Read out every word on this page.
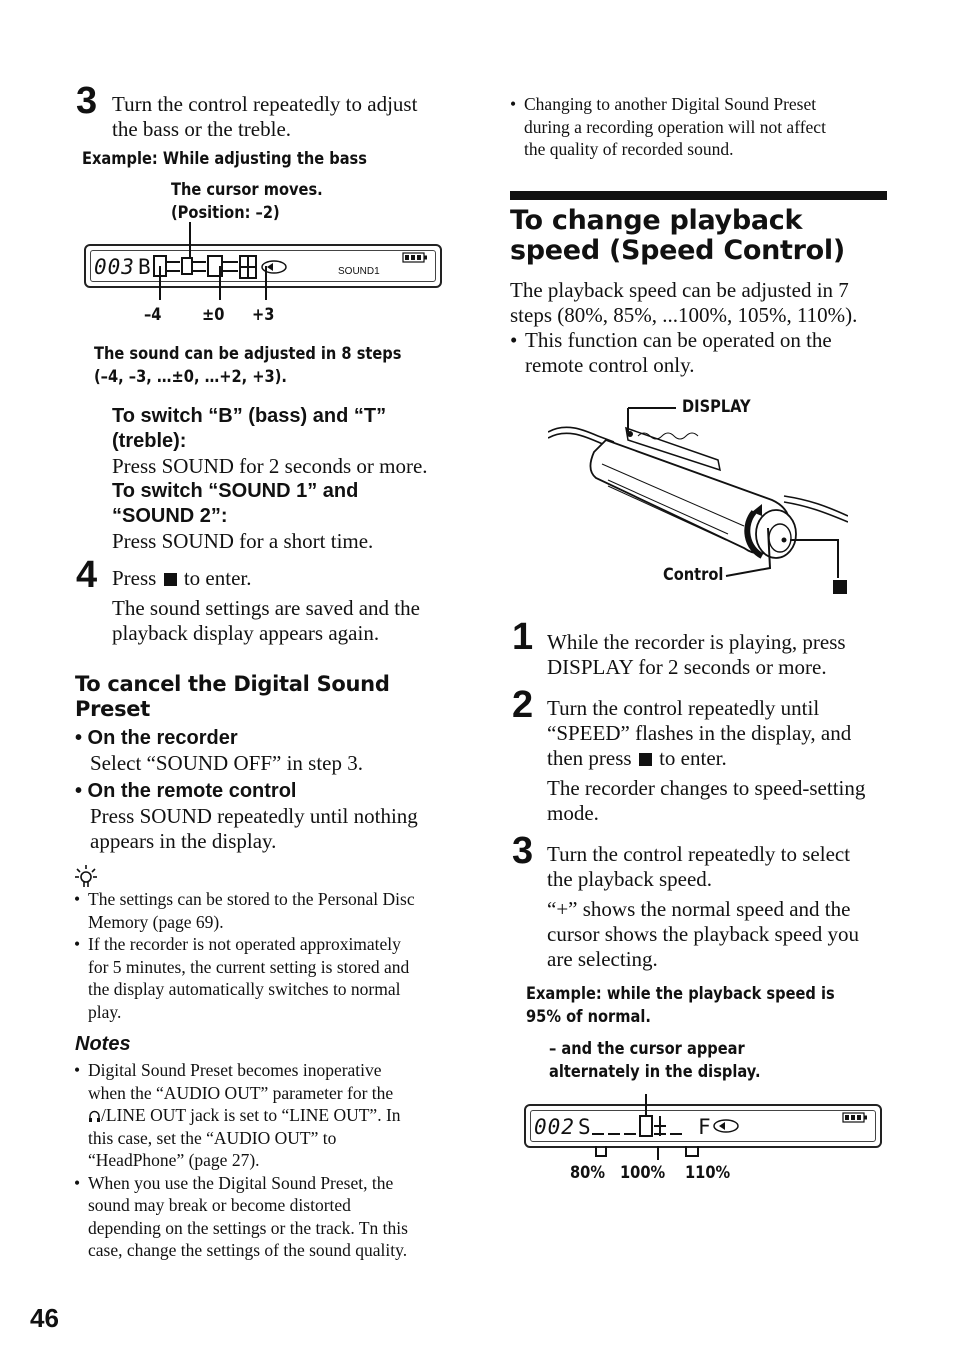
3 Turn the control repeatedly to adjust
the bass or the treble.
Example: While adjusting the bass
The cursor moves.
(Position: –2)
003 B	SOUND1
–4 ±0 +3
The sound can be adjusted in 8 steps
(–4, –3, …±0, …+2, +3).
To switch “B” (bass) and “T”
(treble):
Press SOUND for 2 seconds or more.
To switch “SOUND 1” and
“SOUND 2”:
Press SOUND for a short time.
4 Press to enter.
The sound settings are saved and the
playback display appears again.
To cancel the Digital Sound
Preset
• On the recorder
Select “SOUND OFF” in step 3.
• On the remote control
Press SOUND repeatedly until nothing
appears in the display.
• The settings can be stored to the Personal Disc
Memory (page 69).
• If the recorder is not operated approximately
for 5 minutes, the current setting is stored and
the display automatically switches to normal
play.
Notes
• Digital Sound Preset becomes inoperative
when the “AUDIO OUT” parameter for the
/LINE OUT jack is set to “LINE OUT”. In
this case, set the “AUDIO OUT” to
“HeadPhone” (page 27).
• When you use the Digital Sound Preset, the
sound may break or become distorted
depending on the settings or the track. Tn this
case, change the settings of the sound quality.
46
• Changing to another Digital Sound Preset
during a recording operation will not affect
the quality of recorded sound.
To change playback
speed (Speed Control)
The playback speed can be adjusted in 7
steps (80%, 85%, ...100%, 105%, 110%).
• This function can be operated on the
remote control only.
DISPLAY
Control
1 While the recorder is playing, press
DISPLAY for 2 seconds or more.
2 Turn the control repeatedly until
“SPEED” flashes in the display, and
then press to enter.
The recorder changes to speed-setting
mode.
3 Turn the control repeatedly to select
the playback speed.
“+” shows the normal speed and the
cursor shows the playback speed you
are selecting.
Example: while the playback speed is
95% of normal.
– and the cursor appear
alternately in the display.
002 S	F
80% 100% 110%
